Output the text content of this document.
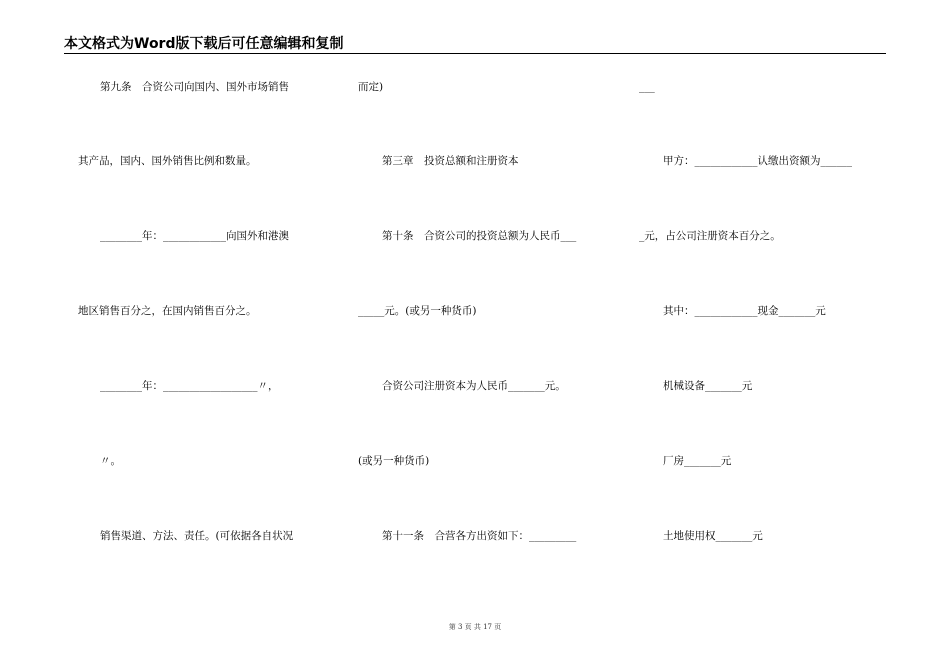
本文格式为Word版下载后可任意编辑和复制
第九条　合资公司向国内、国外市场销售
其产品，国内、国外销售比例和数量。
________年：____________向国外和港澳
地区销售百分之，在国内销售百分之。
________年：__________________〃，
〃。
销售渠道、方法、责任。(可依据各自状况
而定)
第三章　投资总额和注册资本
第十条　合资公司的投资总额为人民币___
_____元。(或另一种货币)
合资公司注册资本为人民币_______元。
(或另一种货币)
第十一条　合营各方出资如下：_________
___
甲方：____________认缴出资额为______
_元，占公司注册资本百分之。
其中：____________现金_______元
机械设备_______元
厂房_______元
土地使用权_______元
第 3 页 共 17 页
